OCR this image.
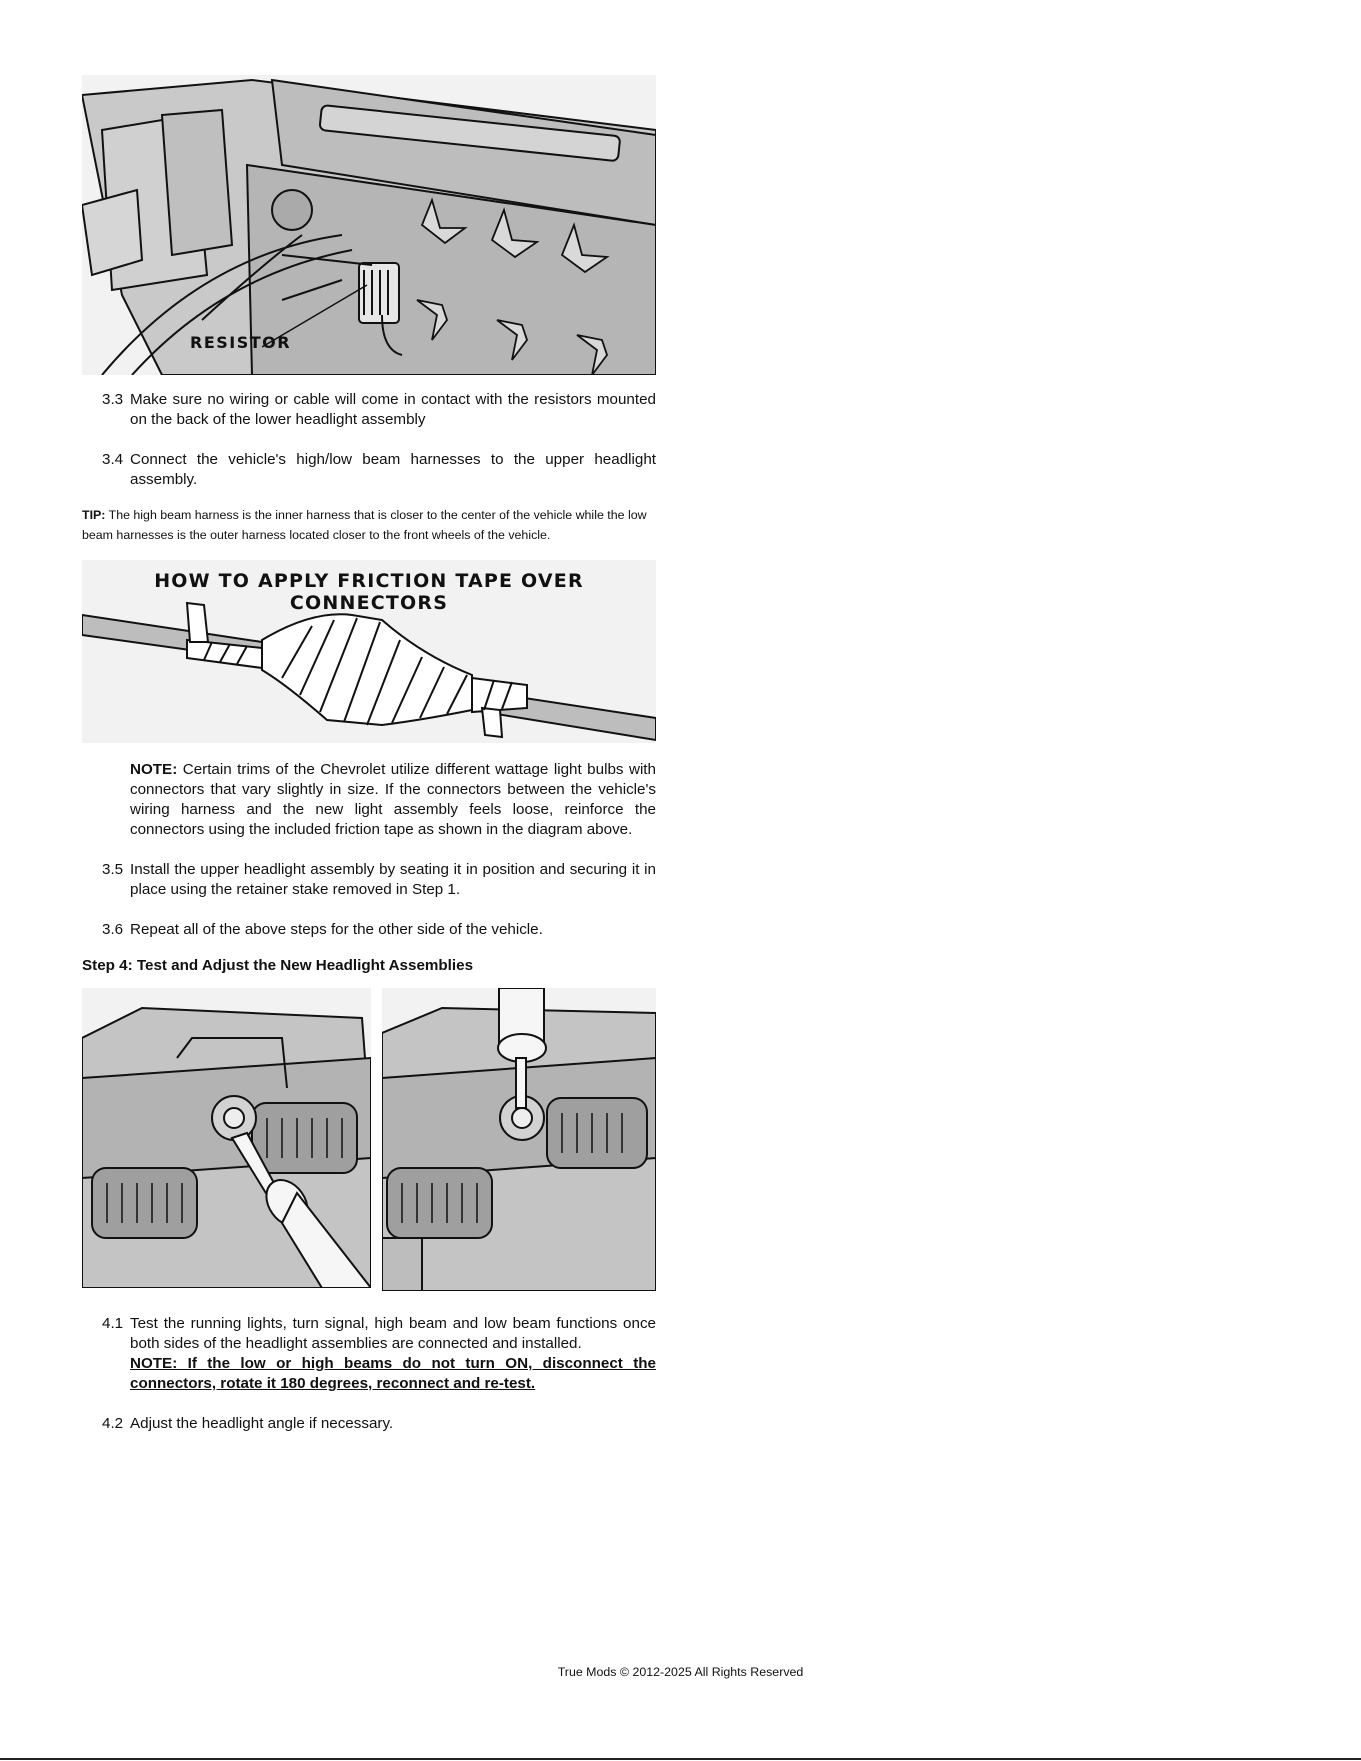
RESISTOR
3.3 Make sure no wiring or cable will come in contact with the resistors mounted on the back of the lower headlight assembly
3.4 Connect the vehicle's high/low beam harnesses to the upper headlight assembly.
TIP: The high beam harness is the inner harness that is closer to the center of the vehicle while the low beam harnesses is the outer harness located closer to the front wheels of the vehicle.
HOW TO APPLY FRICTION TAPE OVER CONNECTORS
NOTE: Certain trims of the Chevrolet utilize different wattage light bulbs with connectors that vary slightly in size. If the connectors between the vehicle's wiring harness and the new light assembly feels loose, reinforce the connectors using the included friction tape as shown in the diagram above.
3.5 Install the upper headlight assembly by seating it in position and securing it in place using the retainer stake removed in Step 1.
3.6 Repeat all of the above steps for the other side of the vehicle.
Step 4: Test and Adjust the New Headlight Assemblies
4.1 Test the running lights, turn signal, high beam and low beam functions once both sides of the headlight assemblies are connected and installed.
NOTE: If the low or high beams do not turn ON, disconnect the connectors, rotate it 180 degrees, reconnect and re-test.
4.2 Adjust the headlight angle if necessary.
True Mods © 2012-2025 All Rights Reserved
